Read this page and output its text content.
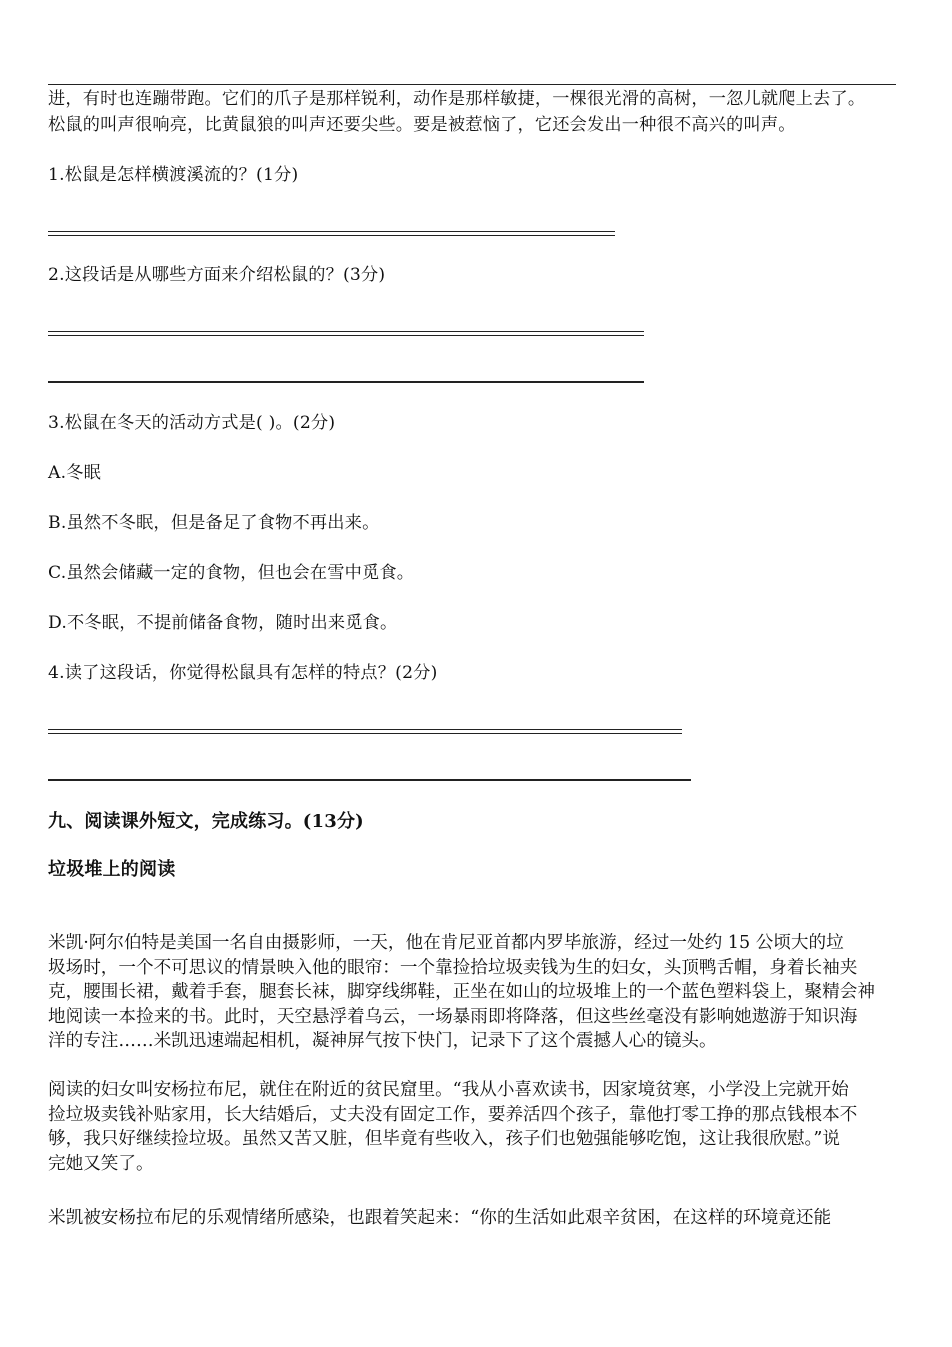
进，有时也连蹦带跑。它们的爪子是那样锐利，动作是那样敏捷，一棵很光滑的高树，一忽儿就爬上去了。
松鼠的叫声很响亮，比黄鼠狼的叫声还要尖些。要是被惹恼了，它还会发出一种很不高兴的叫声。
1.松鼠是怎样横渡溪流的？(1分)
2.这段话是从哪些方面来介绍松鼠的？(3分)
3.松鼠在冬天的活动方式是( )。(2分)
A.冬眠
B.虽然不冬眠，但是备足了食物不再出来。
C.虽然会储藏一定的食物，但也会在雪中觅食。
D.不冬眠，不提前储备食物，随时出来觅食。
4.读了这段话，你觉得松鼠具有怎样的特点？(2分)
九、阅读课外短文，完成练习。(13分)
垃圾堆上的阅读
米凯·阿尔伯特是美国一名自由摄影师，一天，他在肯尼亚首都内罗毕旅游，经过一处约 15 公顷大的垃
圾场时，一个不可思议的情景映入他的眼帘：一个靠捡拾垃圾卖钱为生的妇女，头顶鸭舌帽，身着长袖夹
克，腰围长裙，戴着手套，腿套长袜，脚穿线绑鞋，正坐在如山的垃圾堆上的一个蓝色塑料袋上，聚精会神
地阅读一本捡来的书。此时，天空悬浮着乌云，一场暴雨即将降落，但这些丝毫没有影响她遨游于知识海
洋的专注……米凯迅速端起相机，凝神屏气按下快门，记录下了这个震撼人心的镜头。
阅读的妇女叫安杨拉布尼，就住在附近的贫民窟里。“我从小喜欢读书，因家境贫寒，小学没上完就开始
捡垃圾卖钱补贴家用，长大结婚后，丈夫没有固定工作，要养活四个孩子，靠他打零工挣的那点钱根本不
够，我只好继续捡垃圾。虽然又苦又脏，但毕竟有些收入，孩子们也勉强能够吃饱，这让我很欣慰。”说
完她又笑了。
米凯被安杨拉布尼的乐观情绪所感染，也跟着笑起来：“你的生活如此艰辛贫困，在这样的环境竟还能
